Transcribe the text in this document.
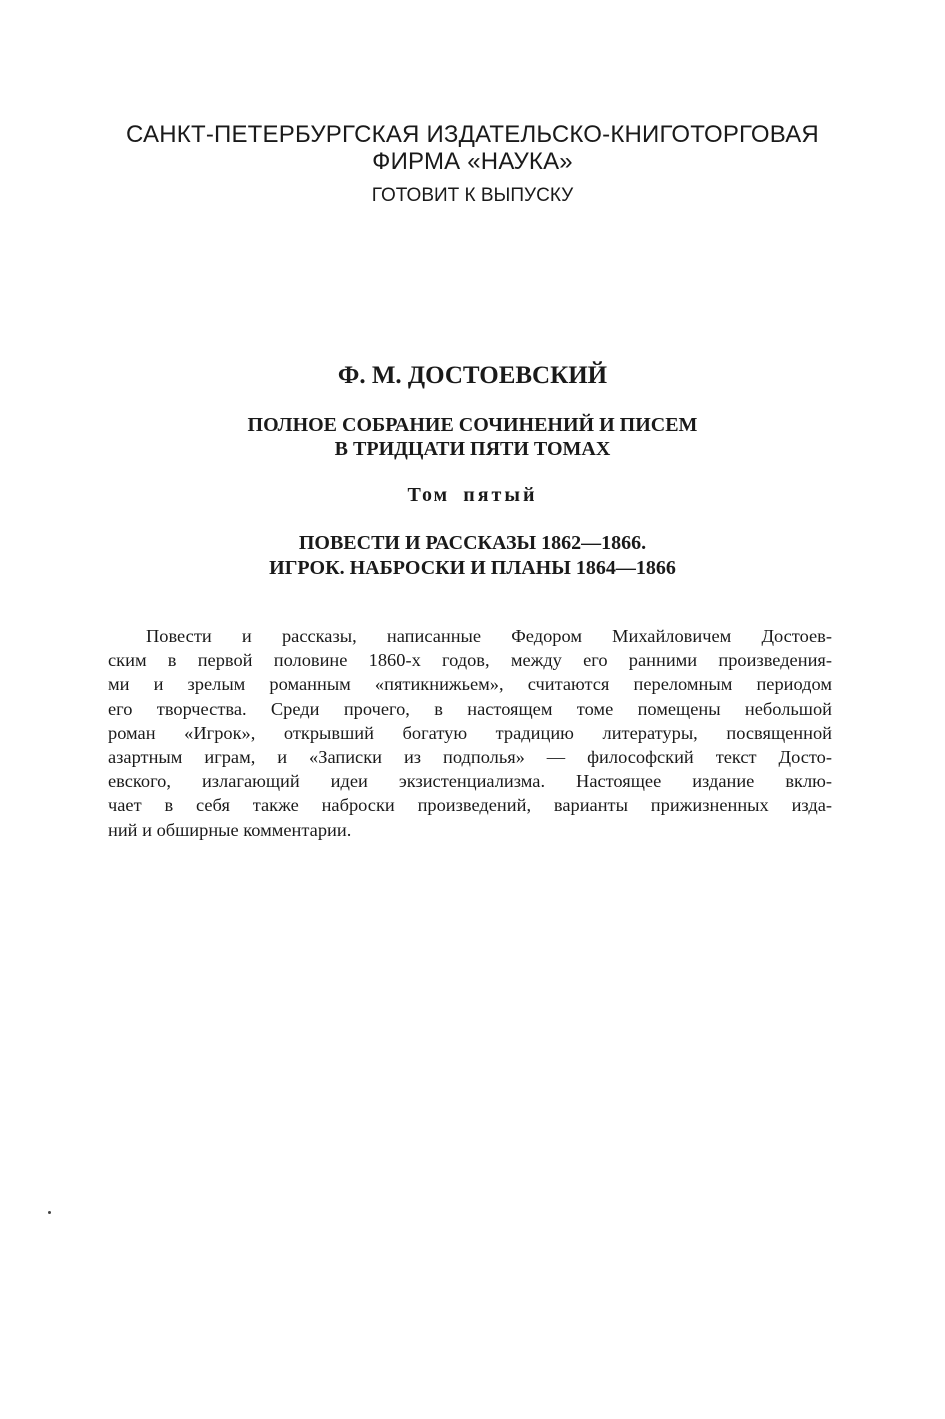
САНКТ-ПЕТЕРБУРГСКАЯ ИЗДАТЕЛЬСКО-КНИГОТОРГОВАЯ
ФИРМА «НАУКА»
ГОТОВИТ К ВЫПУСКУ
Ф. М. ДОСТОЕВСКИЙ
ПОЛНОЕ СОБРАНИЕ СОЧИНЕНИЙ И ПИСЕМ
В ТРИДЦАТИ ПЯТИ ТОМАХ
Том пятый
ПОВЕСТИ И РАССКАЗЫ 1862—1866.
ИГРОК. НАБРОСКИ И ПЛАНЫ 1864—1866
Повести и рассказы, написанные Федором Михайловичем Достоев-
ским в первой половине 1860-х годов, между его ранними произведения-
ми и зрелым романным «пятикнижьем», считаются переломным периодом
его творчества. Среди прочего, в настоящем томе помещены небольшой
роман «Игрок», открывший богатую традицию литературы, посвященной
азартным играм, и «Записки из подполья» — философский текст Досто-
евского, излагающий идеи экзистенциализма. Настоящее издание вклю-
чает в себя также наброски произведений, варианты прижизненных изда-
ний и обширные комментарии.
